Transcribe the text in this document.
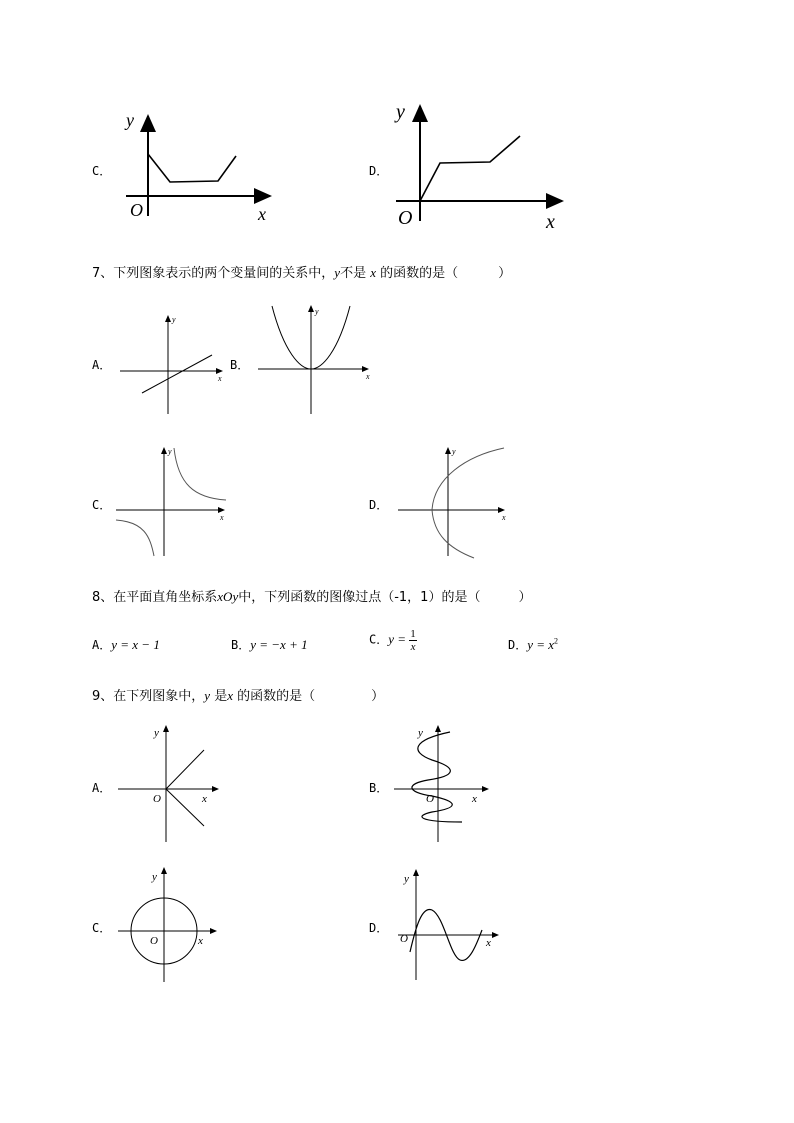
C．
y
x
O
D．
y
x
O
7、下列图象表示的两个变量间的关系中，y不是 x 的函数的是（	）
A．
y
x
B．
y
x
C．
y
x
D．
y
x
8、在平面直角坐标系xOy中，下列函数的图像过点（-1，1）的是（	）
A．y = x − 1	B．y = −x + 1	C．$y = \frac{1}{x}$	D．$y = x^2$
9、在下列图象中，y 是x 的函数的是（	）
A．
y
x
O
B．
y
x
O
C．
y
x
O
D．
y
x
O
